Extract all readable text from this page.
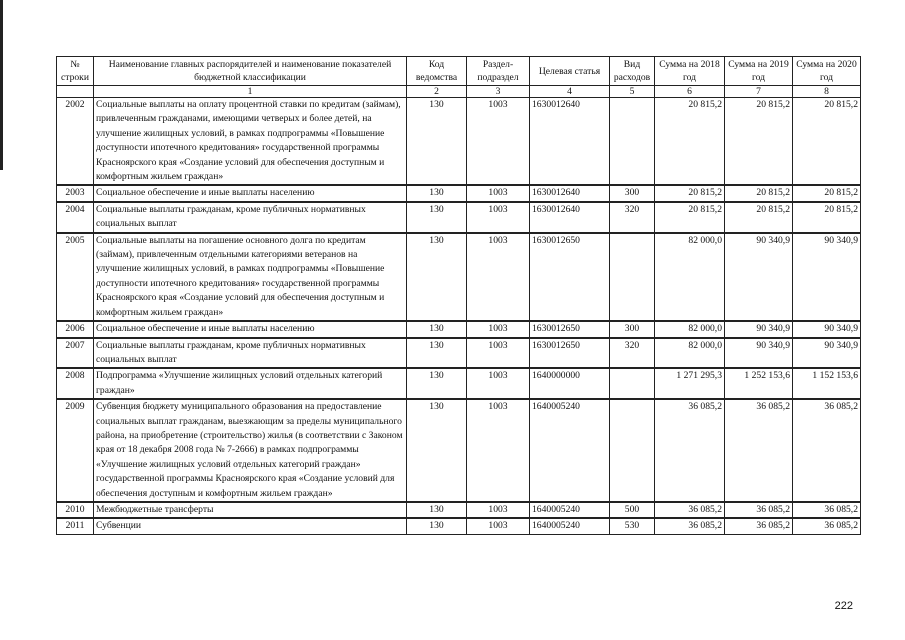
№ строки	Наименование главных распорядителей и наименование показателей бюджетной классификации	Код ведомства	Раздел-подраздел	Целевая статья	Вид расходов	Сумма на 2018 год	Сумма на 2019 год	Сумма на 2020 год
	1	2	3	4	5	6	7	8
2002	Социальные выплаты на оплату процентной ставки по кредитам (займам), привлеченным гражданами, имеющими четверых и более детей, на улучшение жилищных условий, в рамках подпрограммы «Повышение доступности ипотечного кредитования» государственной программы Красноярского края «Создание условий для обеспечения доступным и комфортным жильем граждан»	130	1003	1630012640		20 815,2	20 815,2	20 815,2
2003	Социальное обеспечение и иные выплаты населению	130	1003	1630012640	300	20 815,2	20 815,2	20 815,2
2004	Социальные выплаты гражданам, кроме публичных нормативных социальных выплат	130	1003	1630012640	320	20 815,2	20 815,2	20 815,2
2005	Социальные выплаты на погашение основного долга по кредитам (займам), привлеченным отдельными категориями ветеранов на улучшение жилищных условий, в рамках подпрограммы «Повышение доступности ипотечного кредитования» государственной программы Красноярского края «Создание условий для обеспечения доступным и комфортным жильем граждан»	130	1003	1630012650		82 000,0	90 340,9	90 340,9
2006	Социальное обеспечение и иные выплаты населению	130	1003	1630012650	300	82 000,0	90 340,9	90 340,9
2007	Социальные выплаты гражданам, кроме публичных нормативных социальных выплат	130	1003	1630012650	320	82 000,0	90 340,9	90 340,9
2008	Подпрограмма «Улучшение жилищных условий отдельных категорий граждан»	130	1003	1640000000		1 271 295,3	1 252 153,6	1 152 153,6
2009	Субвенция бюджету муниципального образования на предоставление социальных выплат гражданам, выезжающим за пределы муниципального района, на приобретение (строительство) жилья (в соответствии с Законом края от 18 декабря 2008 года № 7-2666) в рамках подпрограммы «Улучшение жилищных условий отдельных категорий граждан» государственной программы Красноярского края «Создание условий для обеспечения доступным и комфортным жильем граждан»	130	1003	1640005240		36 085,2	36 085,2	36 085,2
2010	Межбюджетные трансферты	130	1003	1640005240	500	36 085,2	36 085,2	36 085,2
2011	Субвенции	130	1003	1640005240	530	36 085,2	36 085,2	36 085,2
222
